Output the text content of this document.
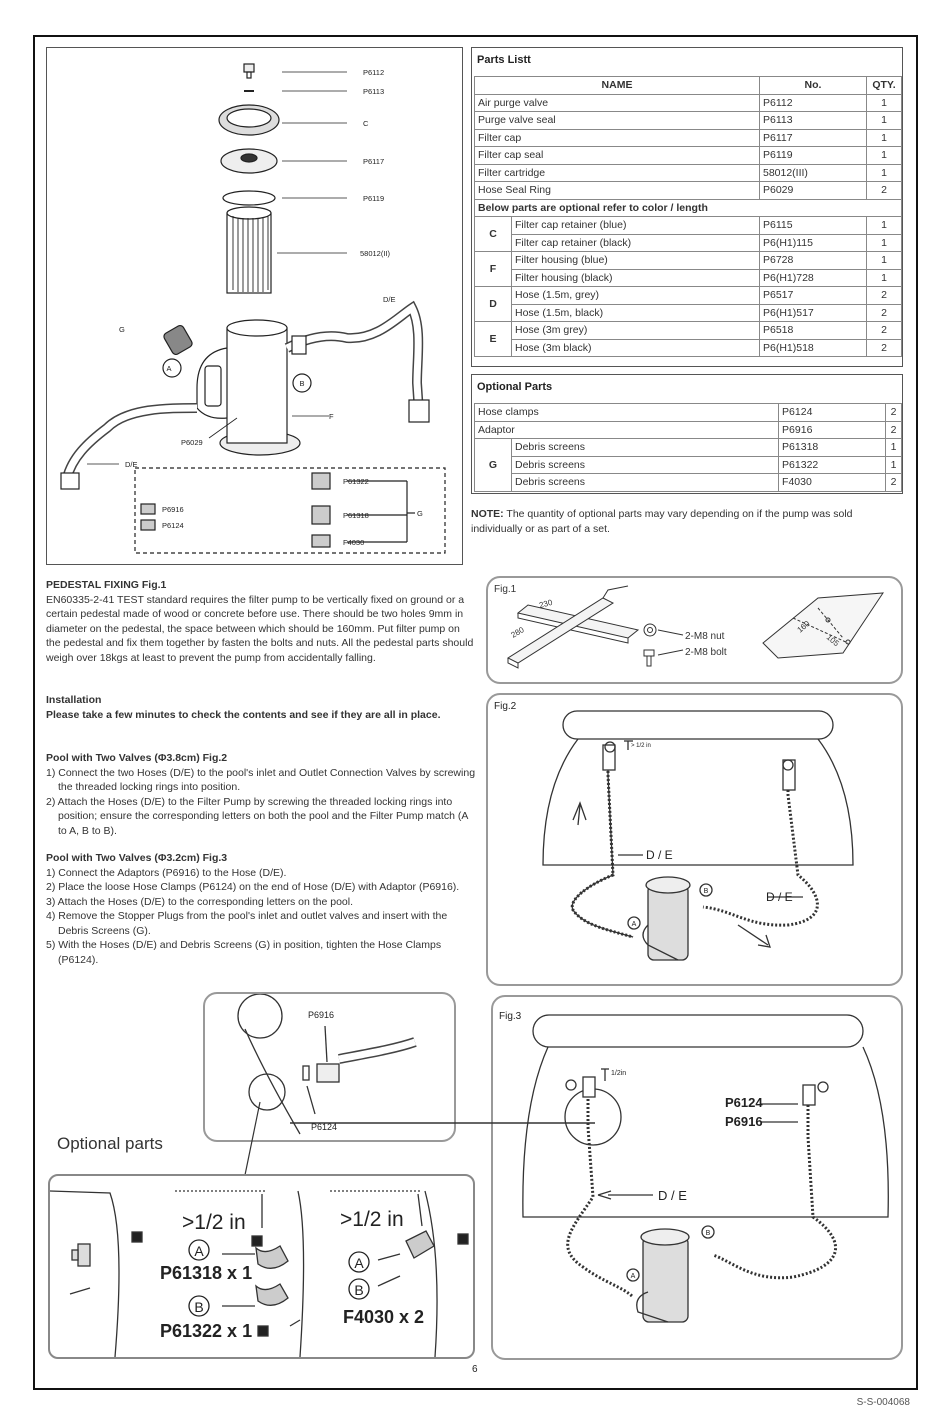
P6112
P6113
C
P6117
P6119
58012(II)
D/E
F
P6029
D/E
G
A
B
P6916
P6124
P61322
P61318
F4030
G
Parts Listt
NAME		No.	QTY.
Air purge valve		P6112	1
Purge valve seal		P6113	1
Filter cap		P6117	1
Filter cap seal		P6119	1
Filter cartridge		58012(III)	1
Hose Seal Ring		P6029	2
Below parts are optional refer to color / length			
C	Filter cap retainer (blue)	P6115	1
	Filter cap retainer (black)	P6(H1)115	1
F	Filter housing (blue)	P6728	1
	Filter housing (black)	P6(H1)728	1
D	Hose (1.5m, grey)	P6517	2
	Hose (1.5m, black)	P6(H1)517	2
E	Hose (3m grey)	P6518	2
	Hose (3m black)	P6(H1)518	2
Optional Parts
Hose clamps		P6124	2
Adaptor		P6916	2
G	Debris screens	P61318	1
	Debris screens	P61322	1
	Debris screens	F4030	2
NOTE: The quantity of optional parts may vary depending on if the pump was sold individually or as part of a set.
PEDESTAL FIXING Fig.1
EN60335-2-41 TEST standard requires the filter pump to be vertically fixed on ground or a certain pedestal made of wood or concrete before use. There should be two holes 9mm in diameter on the pedestal, the space between which should be 160mm. Put filter pump on the pedestal and fix them together by fasten the bolts and nuts. All the pedestal parts should weigh over 18kgs at least to prevent the pump from accidentally falling.
Installation
Please take a few minutes to check the contents and see if they are all in place.
Pool with Two Valves (Φ3.8cm) Fig.2
1) Connect the two Hoses (D/E) to the pool's inlet and Outlet Connection Valves by screwing the threaded locking rings into position.
2) Attach the Hoses (D/E) to the Filter Pump by screwing the threaded locking rings into position; ensure the corresponding letters on both the pool and the Filter Pump match (A to A, B to B).
Pool with Two Valves (Φ3.2cm) Fig.3
1) Connect the Adaptors (P6916) to the Hose (D/E).
2) Place the loose Hose Clamps (P6124) on the end of Hose (D/E) with Adaptor (P6916).
3) Attach the Hoses (D/E) to the corresponding letters on the pool.
4) Remove the Stopper Plugs from the pool's inlet and outlet valves and insert with the Debris Screens (G).
5) With the Hoses (D/E) and Debris Screens (G) in position, tighten the Hose Clamps (P6124).
Fig.1
230
280	160
105
2-M8 nut
2-M8 bolt
Fig.2
> 1/2 in
D / E
D / E
A
B
Fig.3
1/2in
P6124
P6916
D / E
A
B
P6916
P6124
Optional parts
>1/2 in	>1/2 in
A
P61318 x 1
B
P61322 x 1
A
B
F4030 x 2
6
S-S-004068
